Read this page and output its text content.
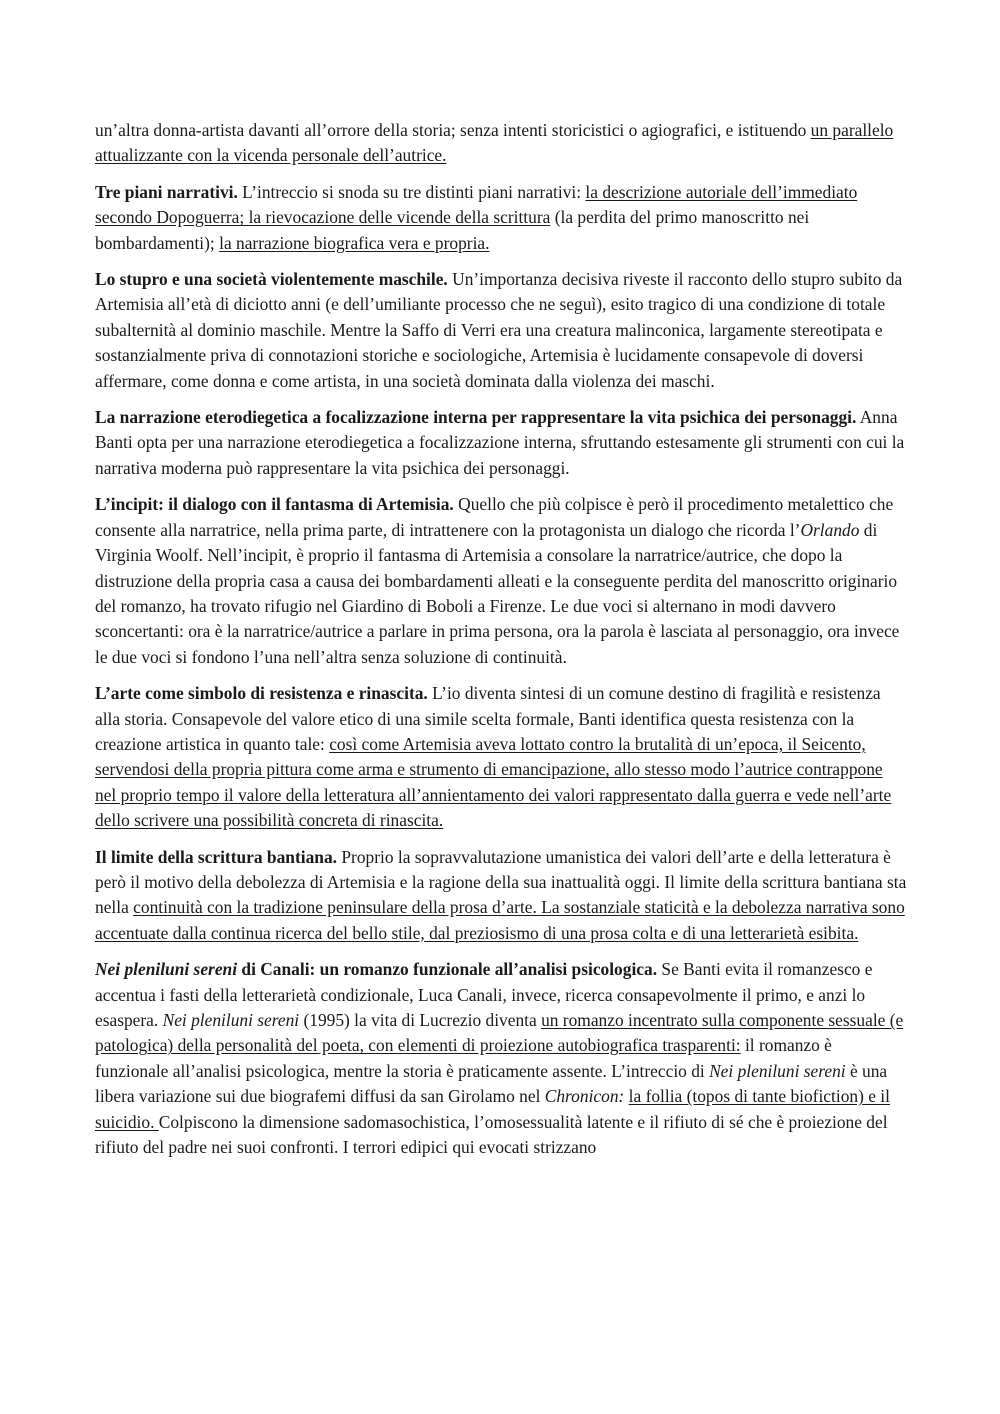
un’altra donna-artista davanti all’orrore della storia; senza intenti storicistici o agiografici, e istituendo un parallelo attualizzante con la vicenda personale dell’autrice.

Tre piani narrativi. L’intreccio si snoda su tre distinti piani narrativi: la descrizione autoriale dell’immediato secondo Dopoguerra; la rievocazione delle vicende della scrittura (la perdita del primo manoscritto nei bombardamenti); la narrazione biografica vera e propria.

Lo stupro e una società violentemente maschile. Un’importanza decisiva riveste il racconto dello stupro subito da Artemisia all’età di diciotto anni (e dell’umiliante processo che ne seguì), esito tragico di una condizione di totale subalternità al dominio maschile. Mentre la Saffo di Verri era una creatura malinconica, largamente stereotipata e sostanzialmente priva di connotazioni storiche e sociologiche, Artemisia è lucidamente consapevole di doversi affermare, come donna e come artista, in una società dominata dalla violenza dei maschi.

La narrazione eterodiegetica a focalizzazione interna per rappresentare la vita psichica dei personaggi. Anna Banti opta per una narrazione eterodiegetica a focalizzazione interna, sfruttando estesamente gli strumenti con cui la narrativa moderna può rappresentare la vita psichica dei personaggi.

L’incipit: il dialogo con il fantasma di Artemisia. Quello che più colpisce è però il procedimento metalettico che consente alla narratrice, nella prima parte, di intrattenere con la protagonista un dialogo che ricorda l’Orlando di Virginia Woolf. Nell’incipit, è proprio il fantasma di Artemisia a consolare la narratrice/autrice, che dopo la distruzione della propria casa a causa dei bombardamenti alleati e la conseguente perdita del manoscritto originario del romanzo, ha trovato rifugio nel Giardino di Boboli a Firenze. Le due voci si alternano in modi davvero sconcertanti: ora è la narratrice/autrice a parlare in prima persona, ora la parola è lasciata al personaggio, ora invece le due voci si fondono l’una nell’altra senza soluzione di continuità.

L’arte come simbolo di resistenza e rinascita. L’io diventa sintesi di un comune destino di fragilità e resistenza alla storia. Consapevole del valore etico di una simile scelta formale, Banti identifica questa resistenza con la creazione artistica in quanto tale: così come Artemisia aveva lottato contro la brutalità di un’epoca, il Seicento, servendosi della propria pittura come arma e strumento di emancipazione, allo stesso modo l’autrice contrappone nel proprio tempo il valore della letteratura all’annientamento dei valori rappresentato dalla guerra e vede nell’arte dello scrivere una possibilità concreta di rinascita.

Il limite della scrittura bantiana. Proprio la sopravvalutazione umanistica dei valori dell’arte e della letteratura è però il motivo della debolezza di Artemisia e la ragione della sua inattualità oggi. Il limite della scrittura bantiana sta nella continuità con la tradizione peninsulare della prosa d’arte. La sostanziale staticità e la debolezza narrativa sono accentuate dalla continua ricerca del bello stile, dal preziosismo di una prosa colta e di una letterarietà esibita.

Nei pleniluni sereni di Canali: un romanzo funzionale all’analisi psicologica. Se Banti evita il romanzesco e accentua i fasti della letterarietà condizionale, Luca Canali, invece, ricerca consapevolmente il primo, e anzi lo esaspera. Nei pleniluni sereni (1995) la vita di Lucrezio diventa un romanzo incentrato sulla componente sessuale (e patologica) della personalità del poeta, con elementi di proiezione autobiografica trasparenti: il romanzo è funzionale all’analisi psicologica, mentre la storia è praticamente assente. L’intreccio di Nei pleniluni sereni è una libera variazione sui due biografemi diffusi da san Girolamo nel Chronicon: la follia (topos di tante biofiction) e il suicidio. Colpiscono la dimensione sadomasochistica, l’omosessualità latente e il rifiuto di sé che è proiezione del rifiuto del padre nei suoi confronti. I terrori edipici qui evocati strizzano
